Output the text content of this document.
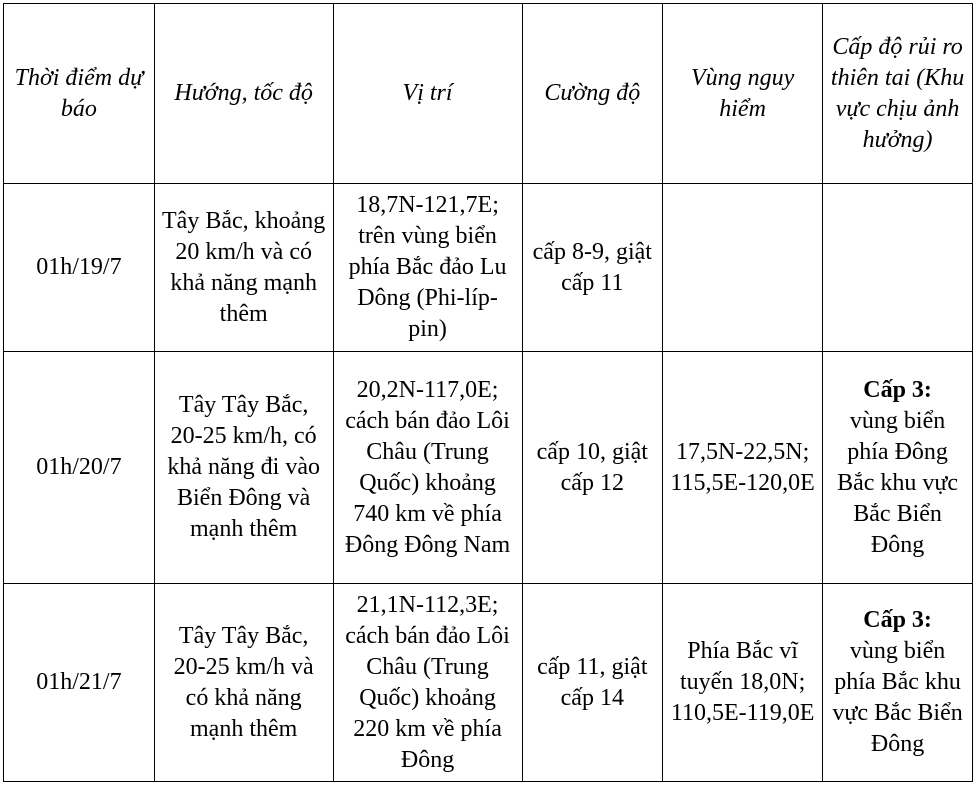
Thời điểm dự báo	Hướng, tốc độ	Vị trí	Cường độ	Vùng nguy hiểm	Cấp độ rủi ro thiên tai (Khu vực chịu ảnh hưởng)
01h/19/7	Tây Bắc, khoảng 20 km/h và có khả năng mạnh thêm	18,7N-121,7E; trên vùng biển phía Bắc đảo Lu Dông (Phi-líp-pin)	cấp 8-9, giật cấp 11		

01h/20/7	Tây Tây Bắc, 20-25 km/h, có khả năng đi vào Biển Đông và mạnh thêm	20,2N-117,0E; cách bán đảo Lôi Châu (Trung Quốc) khoảng 740 km về phía Đông Đông Nam	cấp 10, giật cấp 12	17,5N-22,5N; 115,5E-120,0E	Cấp 3:
vùng biển phía Đông Bắc khu vực Bắc Biển Đông

01h/21/7	Tây Tây Bắc, 20-25 km/h và có khả năng mạnh thêm	21,1N-112,3E; cách bán đảo Lôi Châu (Trung Quốc) khoảng 220 km về phía Đông	cấp 11, giật cấp 14	Phía Bắc vĩ tuyến 18,0N; 110,5E-119,0E	Cấp 3:
vùng biển phía Bắc khu vực Bắc Biển Đông
